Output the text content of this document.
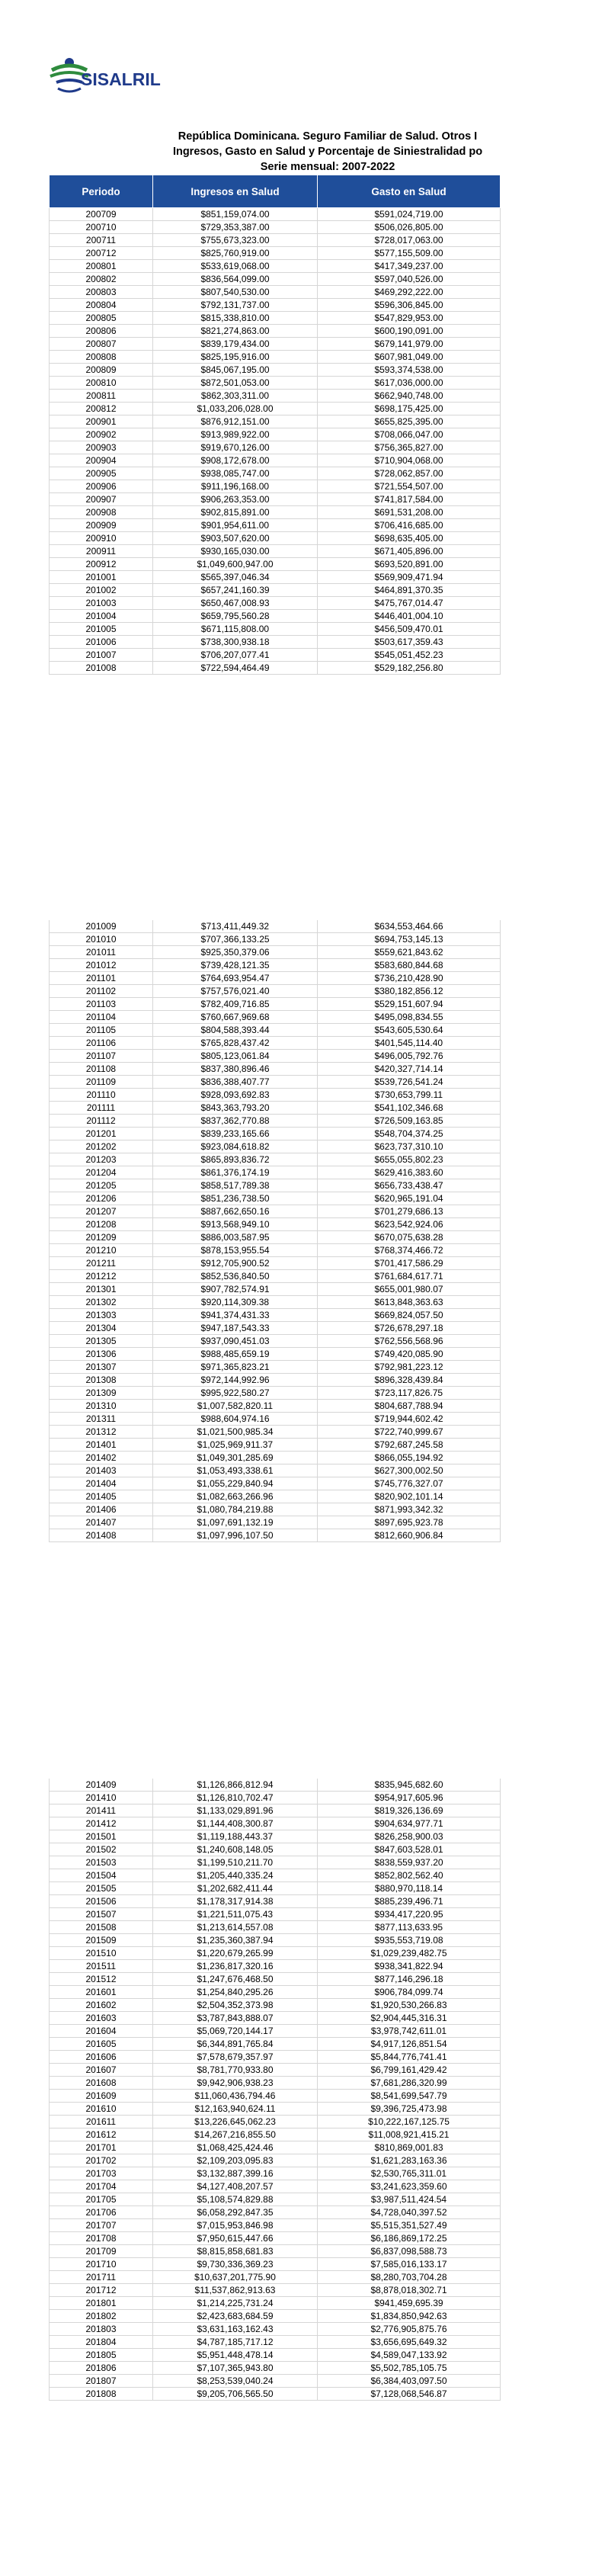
SISALRIL
República Dominicana. Seguro Familiar de Salud. Otros I
Ingresos, Gasto en Salud y Porcentaje de Siniestralidad po
Serie mensual: 2007-2022
Periodo	Ingresos en Salud	Gasto en Salud
200709	$851,159,074.00	$591,024,719.00
200710	$729,353,387.00	$506,026,805.00
200711	$755,673,323.00	$728,017,063.00
200712	$825,760,919.00	$577,155,509.00
200801	$533,619,068.00	$417,349,237.00
200802	$836,564,099.00	$597,040,526.00
200803	$807,540,530.00	$469,292,222.00
200804	$792,131,737.00	$596,306,845.00
200805	$815,338,810.00	$547,829,953.00
200806	$821,274,863.00	$600,190,091.00
200807	$839,179,434.00	$679,141,979.00
200808	$825,195,916.00	$607,981,049.00
200809	$845,067,195.00	$593,374,538.00
200810	$872,501,053.00	$617,036,000.00
200811	$862,303,311.00	$662,940,748.00
200812	$1,033,206,028.00	$698,175,425.00
200901	$876,912,151.00	$655,825,395.00
200902	$913,989,922.00	$708,066,047.00
200903	$919,670,126.00	$756,365,827.00
200904	$908,172,678.00	$710,904,068.00
200905	$938,085,747.00	$728,062,857.00
200906	$911,196,168.00	$721,554,507.00
200907	$906,263,353.00	$741,817,584.00
200908	$902,815,891.00	$691,531,208.00
200909	$901,954,611.00	$706,416,685.00
200910	$903,507,620.00	$698,635,405.00
200911	$930,165,030.00	$671,405,896.00
200912	$1,049,600,947.00	$693,520,891.00
201001	$565,397,046.34	$569,909,471.94
201002	$657,241,160.39	$464,891,370.35
201003	$650,467,008.93	$475,767,014.47
201004	$659,795,560.28	$446,401,004.10
201005	$671,115,808.00	$456,509,470.01
201006	$738,300,938.18	$503,617,359.43
201007	$706,207,077.41	$545,051,452.23
201008	$722,594,464.49	$529,182,256.80
201009	$713,411,449.32	$634,553,464.66
201010	$707,366,133.25	$694,753,145.13
201011	$925,350,379.06	$559,621,843.62
201012	$739,428,121.35	$583,680,844.68
201101	$764,693,954.47	$736,210,428.90
201102	$757,576,021.40	$380,182,856.12
201103	$782,409,716.85	$529,151,607.94
201104	$760,667,969.68	$495,098,834.55
201105	$804,588,393.44	$543,605,530.64
201106	$765,828,437.42	$401,545,114.40
201107	$805,123,061.84	$496,005,792.76
201108	$837,380,896.46	$420,327,714.14
201109	$836,388,407.77	$539,726,541.24
201110	$928,093,692.83	$730,653,799.11
201111	$843,363,793.20	$541,102,346.68
201112	$837,362,770.88	$726,509,163.85
201201	$839,233,165.66	$548,704,374.25
201202	$923,084,618.82	$623,737,310.10
201203	$865,893,836.72	$655,055,802.23
201204	$861,376,174.19	$629,416,383.60
201205	$858,517,789.38	$656,733,438.47
201206	$851,236,738.50	$620,965,191.04
201207	$887,662,650.16	$701,279,686.13
201208	$913,568,949.10	$623,542,924.06
201209	$886,003,587.95	$670,075,638.28
201210	$878,153,955.54	$768,374,466.72
201211	$912,705,900.52	$701,417,586.29
201212	$852,536,840.50	$761,684,617.71
201301	$907,782,574.91	$655,001,980.07
201302	$920,114,309.38	$613,848,363.63
201303	$941,374,431.33	$669,824,057.50
201304	$947,187,543.33	$726,678,297.18
201305	$937,090,451.03	$762,556,568.96
201306	$988,485,659.19	$749,420,085.90
201307	$971,365,823.21	$792,981,223.12
201308	$972,144,992.96	$896,328,439.84
201309	$995,922,580.27	$723,117,826.75
201310	$1,007,582,820.11	$804,687,788.94
201311	$988,604,974.16	$719,944,602.42
201312	$1,021,500,985.34	$722,740,999.67
201401	$1,025,969,911.37	$792,687,245.58
201402	$1,049,301,285.69	$866,055,194.92
201403	$1,053,493,338.61	$627,300,002.50
201404	$1,055,229,840.94	$745,776,327.07
201405	$1,082,663,266.96	$820,902,101.14
201406	$1,080,784,219.88	$871,993,342.32
201407	$1,097,691,132.19	$897,695,923.78
201408	$1,097,996,107.50	$812,660,906.84
201409	$1,126,866,812.94	$835,945,682.60
201410	$1,126,810,702.47	$954,917,605.96
201411	$1,133,029,891.96	$819,326,136.69
201412	$1,144,408,300.87	$904,634,977.71
201501	$1,119,188,443.37	$826,258,900.03
201502	$1,240,608,148.05	$847,603,528.01
201503	$1,199,510,211.70	$838,559,937.20
201504	$1,205,440,335.24	$852,802,562.40
201505	$1,202,682,411.44	$880,970,118.14
201506	$1,178,317,914.38	$885,239,496.71
201507	$1,221,511,075.43	$934,417,220.95
201508	$1,213,614,557.08	$877,113,633.95
201509	$1,235,360,387.94	$935,553,719.08
201510	$1,220,679,265.99	$1,029,239,482.75
201511	$1,236,817,320.16	$938,341,822.94
201512	$1,247,676,468.50	$877,146,296.18
201601	$1,254,840,295.26	$906,784,099.74
201602	$2,504,352,373.98	$1,920,530,266.83
201603	$3,787,843,888.07	$2,904,445,316.31
201604	$5,069,720,144.17	$3,978,742,611.01
201605	$6,344,891,765.84	$4,917,126,851.54
201606	$7,578,679,357.97	$5,844,776,741.41
201607	$8,781,770,933.80	$6,799,161,429.42
201608	$9,942,906,938.23	$7,681,286,320.99
201609	$11,060,436,794.46	$8,541,699,547.79
201610	$12,163,940,624.11	$9,396,725,473.98
201611	$13,226,645,062.23	$10,222,167,125.75
201612	$14,267,216,855.50	$11,008,921,415.21
201701	$1,068,425,424.46	$810,869,001.83
201702	$2,109,203,095.83	$1,621,283,163.36
201703	$3,132,887,399.16	$2,530,765,311.01
201704	$4,127,408,207.57	$3,241,623,359.60
201705	$5,108,574,829.88	$3,987,511,424.54
201706	$6,058,292,847.35	$4,728,040,397.52
201707	$7,015,953,846.98	$5,515,351,527.49
201708	$7,950,615,447.66	$6,186,869,172.25
201709	$8,815,858,681.83	$6,837,098,588.73
201710	$9,730,336,369.23	$7,585,016,133.17
201711	$10,637,201,775.90	$8,280,703,704.28
201712	$11,537,862,913.63	$8,878,018,302.71
201801	$1,214,225,731.24	$941,459,695.39
201802	$2,423,683,684.59	$1,834,850,942.63
201803	$3,631,163,162.43	$2,776,905,875.76
201804	$4,787,185,717.12	$3,656,695,649.32
201805	$5,951,448,478.14	$4,589,047,133.92
201806	$7,107,365,943.80	$5,502,785,105.75
201807	$8,253,539,040.24	$6,384,403,097.50
201808	$9,205,706,565.50	$7,128,068,546.87
